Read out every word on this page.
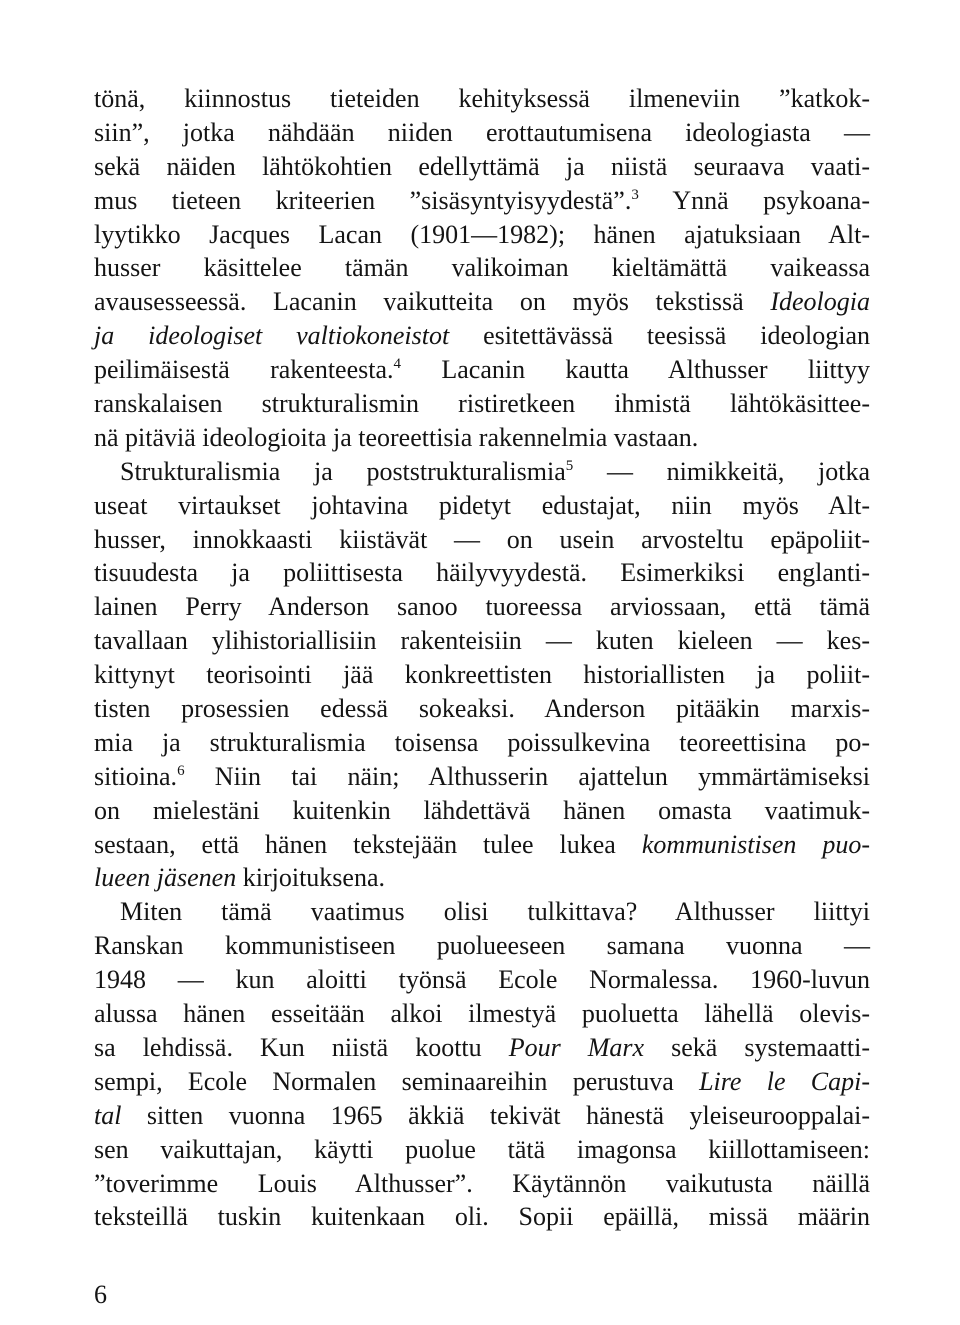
tönä, kiinnostus tieteiden kehityksessä ilmeneviin ”katkok-
siin”, jotka nähdään niiden erottautumisena ideologiasta —
sekä näiden lähtökohtien edellyttämä ja niistä seuraava vaati-
mus tieteen kriteerien ”sisäsyntyisyydestä”.$^3$ Ynnä psykoana-
lyytikko Jacques Lacan (1901—1982); hänen ajatuksiaan Alt-
husser käsittelee tämän valikoiman kieltämättä vaikeassa
avausesseessä. Lacanin vaikutteita on myös tekstissä Ideologia
ja ideologiset valtiokoneistot esitettävässä teesissä ideologian
peilimäisestä rakenteesta.$^4$ Lacanin kautta Althusser liittyy
ranskalaisen strukturalismin ristiretkeen ihmistä lähtökäsittee-
nä pitäviä ideologioita ja teoreettisia rakennelmia vastaan.
Strukturalismia ja poststrukturalismia$^5$ — nimikkeitä, jotka
useat virtaukset johtavina pidetyt edustajat, niin myös Alt-
husser, innokkaasti kiistävät — on usein arvosteltu epäpoliit-
tisuudesta ja poliittisesta häilyvyydestä. Esimerkiksi englanti-
lainen Perry Anderson sanoo tuoreessa arviossaan, että tämä
tavallaan ylihistoriallisiin rakenteisiin — kuten kieleen — kes-
kittynyt teorisointi jää konkreettisten historiallisten ja poliit-
tisten prosessien edessä sokeaksi. Anderson pitääkin marxis-
mia ja strukturalismia toisensa poissulkevina teoreettisina po-
sitioina.$^6$ Niin tai näin; Althusserin ajattelun ymmärtämiseksi
on mielestäni kuitenkin lähdettävä hänen omasta vaatimuk-
sestaan, että hänen tekstejään tulee lukea kommunistisen puo-
lueen jäsenen kirjoituksena.
Miten tämä vaatimus olisi tulkittava? Althusser liittyi
Ranskan kommunistiseen puolueeseen samana vuonna —
1948 — kun aloitti työnsä Ecole Normalessa. 1960-luvun
alussa hänen esseitään alkoi ilmestyä puoluetta lähellä olevis-
sa lehdissä. Kun niistä koottu Pour Marx sekä systemaatti-
sempi, Ecole Normalen seminaareihin perustuva Lire le Capi-
tal sitten vuonna 1965 äkkiä tekivät hänestä yleiseurooppalai-
sen vaikuttajan, käytti puolue tätä imagonsa kiillottamiseen:
”toverimme Louis Althusser”. Käytännön vaikutusta näillä
teksteillä tuskin kuitenkaan oli. Sopii epäillä, missä määrin
6
